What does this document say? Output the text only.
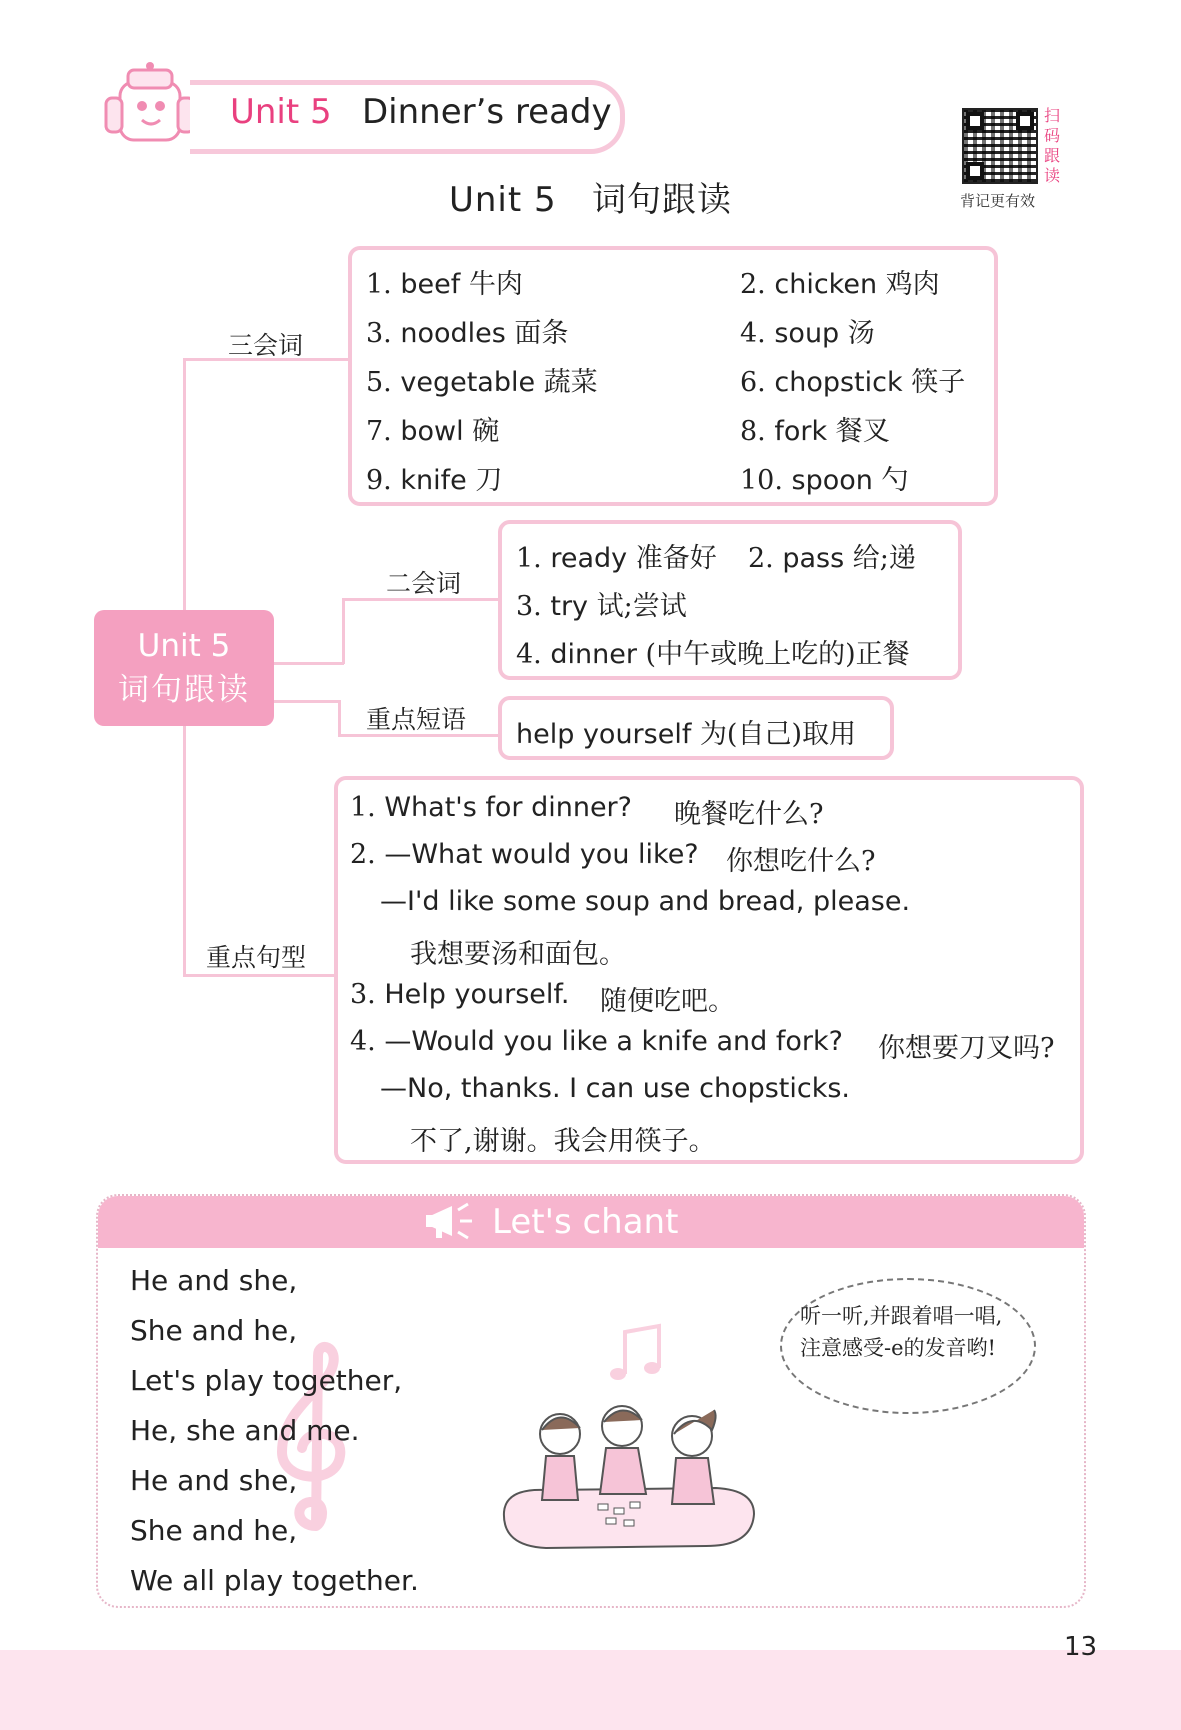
Unit 5 Dinner’s ready	扫
码
跟
读
背记更有效
Unit 5   词句跟读
Unit 5
词句跟读
三会词
1. beef 牛肉	2. chicken 鸡肉
3. noodles 面条	4. soup 汤
5. vegetable 蔬菜	6. chopstick 筷子
7. bowl 碗	8. fork 餐叉
9. knife 刀	10. spoon 勺
二会词
1. ready 准备好 2. pass 给;递
3. try 试;尝试
4. dinner (中午或晚上吃的)正餐
重点短语 help yourself 为(自己)取用
重点句型
1. What's for dinner? 晚餐吃什么?
2. —What would you like? 你想吃什么?
—I'd like some soup and bread, please.
我想要汤和面包。
3. Help yourself. 随便吃吧。
4. —Would you like a knife and fork? 你想要刀叉吗?
—No, thanks. I can use chopsticks.
不了,谢谢。我会用筷子。
Let's chant
He and she,
She and he,
Let's play together,
He, she and me.
He and she,
She and he,
We all play together.
听一听,并跟着唱一唱,注意感受-e的发音哟!
13
